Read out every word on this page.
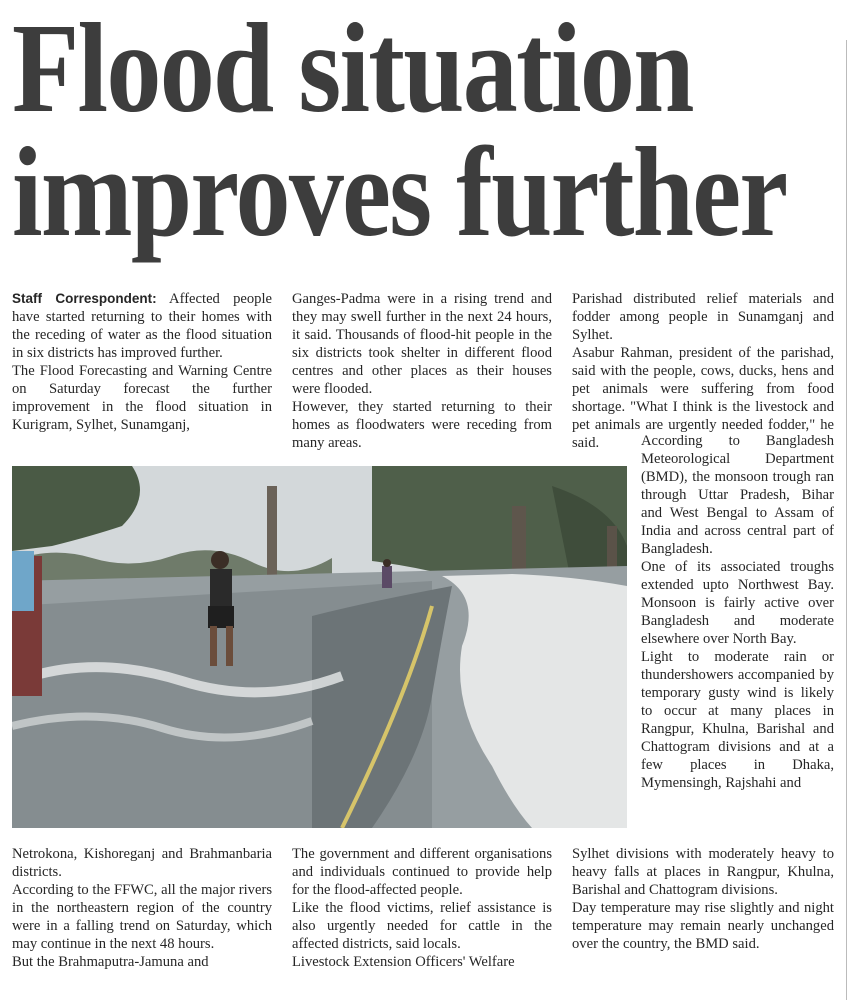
Flood situation
improves further

Staff Correspondent: Affected people have started returning to their homes with the receding of water as the flood situation in six districts has improved further.

The Flood Forecasting and Warning Centre on Saturday forecast the further improvement in the flood situation in Kurigram, Sylhet, Sunamganj,

Ganges-Padma were in a rising trend and they may swell further in the next 24 hours, it said. Thousands of flood-hit people in the six districts took shelter in different flood centres and other places as their houses were flooded.

However, they started returning to their homes as floodwaters were receding from many areas.

Parishad distributed relief materials and fodder among people in Sunamganj and Sylhet.

Asabur Rahman, president of the parishad, said with the people, cows, ducks, hens and pet animals were suffering from food shortage. "What I think is the livestock and pet animals are urgently needed fodder," he said.	According to Bangladesh Meteorological Department (BMD), the monsoon trough ran through Uttar Pradesh, Bihar and West Bengal to Assam of India and across central part of Bangladesh.

One of its associated troughs extended upto Northwest Bay. Monsoon is fairly active over Bangladesh and moderate elsewhere over North Bay.

Light to moderate rain or thundershowers accompanied by temporary gusty wind is likely to occur at many places in Rangpur, Khulna, Barishal and Chattogram divisions and at a few places in Dhaka, Mymensingh, Rajshahi and

Netrokona, Kishoreganj and Brahmanbaria districts.

According to the FFWC, all the major rivers in the northeastern region of the country were in a falling trend on Saturday, which may continue in the next 48 hours.

But the Brahmaputra-Jamuna and

The government and different organisations and individuals continued to provide help for the flood-affected people.

Like the flood victims, relief assistance is also urgently needed for cattle in the affected districts, said locals.

Livestock Extension Officers' Welfare

Sylhet divisions with moderately heavy to heavy falls at places in Rangpur, Khulna, Barishal and Chattogram divisions.

Day temperature may rise slightly and night temperature may remain nearly unchanged over the country, the BMD said.
